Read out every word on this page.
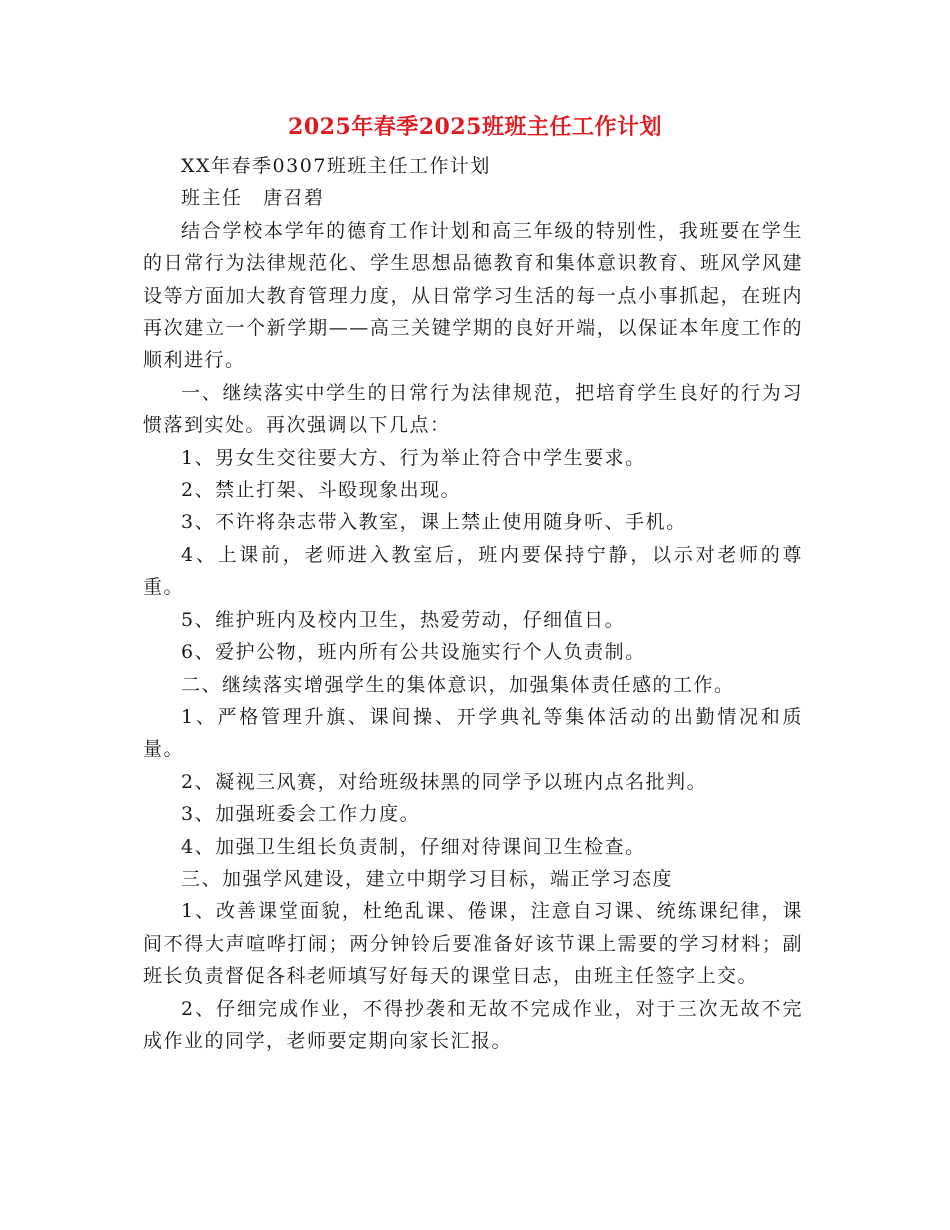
2025年春季2025班班主任工作计划

XX年春季0307班班主任工作计划

班主任　唐召碧

结合学校本学年的德育工作计划和高三年级的特别性，我班要在学生的日常行为法律规范化、学生思想品德教育和集体意识教育、班风学风建设等方面加大教育管理力度，从日常学习生活的每一点小事抓起，在班内再次建立一个新学期——高三关键学期的良好开端，以保证本年度工作的顺利进行。

一、继续落实中学生的日常行为法律规范，把培育学生良好的行为习惯落到实处。再次强调以下几点：

1、男女生交往要大方、行为举止符合中学生要求。

2、禁止打架、斗殴现象出现。

3、不许将杂志带入教室，课上禁止使用随身听、手机。

4、上课前，老师进入教室后，班内要保持宁静，以示对老师的尊重。

5、维护班内及校内卫生，热爱劳动，仔细值日。

6、爱护公物，班内所有公共设施实行个人负责制。

二、继续落实增强学生的集体意识，加强集体责任感的工作。

1、严格管理升旗、课间操、开学典礼等集体活动的出勤情况和质量。

2、凝视三风赛，对给班级抹黑的同学予以班内点名批判。

3、加强班委会工作力度。

4、加强卫生组长负责制，仔细对待课间卫生检查。

三、加强学风建设，建立中期学习目标，端正学习态度

1、改善课堂面貌，杜绝乱课、倦课，注意自习课、统练课纪律，课间不得大声喧哗打闹；两分钟铃后要准备好该节课上需要的学习材料；副班长负责督促各科老师填写好每天的课堂日志，由班主任签字上交。

2、仔细完成作业，不得抄袭和无故不完成作业，对于三次无故不完成作业的同学，老师要定期向家长汇报。
